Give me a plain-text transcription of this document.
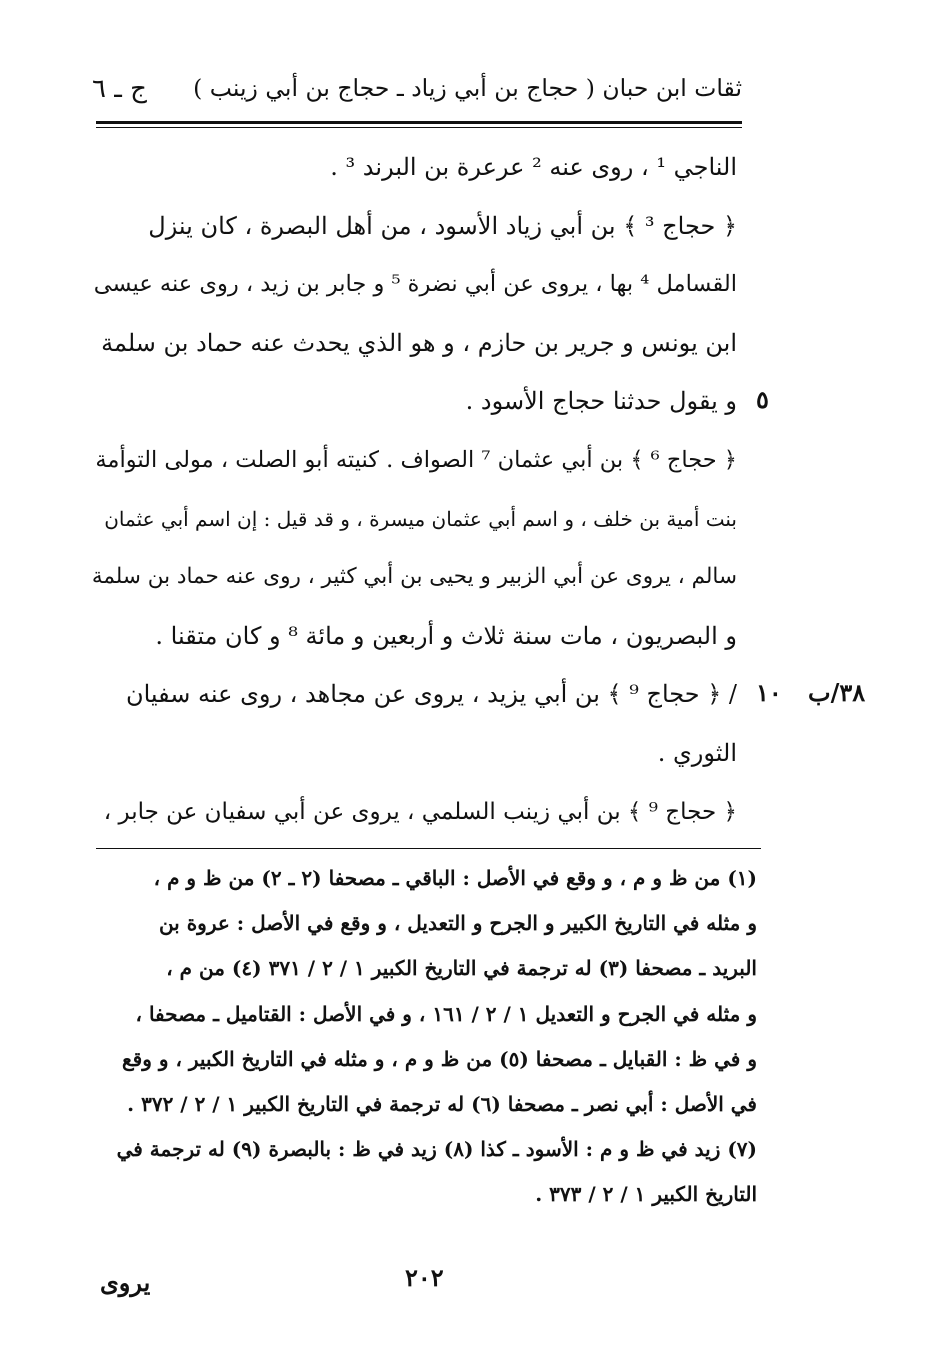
ثقات ابن حبان ( حجاج بن أبي زياد ـ حجاج بن أبي زينب )
ج ـ ٦
الناجي ¹ ، روى عنه ² عرعرة بن البرند ³ .
﴿ حجاج ³ ﴾ بن أبي زياد الأسود ، من أهل البصرة ، كان ينزل
القسامل ⁴ بها ، يروى عن أبي نضرة ⁵ و جابر بن زيد ، روى عنه عيسى
ابن يونس و جرير بن حازم ، و هو الذي يحدث عنه حماد بن سلمة
و يقول حدثنا حجاج الأسود .
﴿ حجاج ⁶ ﴾ بن أبي عثمان ⁷ الصواف . كنيته أبو الصلت ، مولى التوأمة
بنت أمية بن خلف ، و اسم أبي عثمان ميسرة ، و قد قيل : إن اسم أبي عثمان
سالم ، يروى عن أبي الزبير و يحيى بن أبي كثير ، روى عنه حماد بن سلمة
و البصريون ، مات سنة ثلاث و أربعين و مائة ⁸ و كان متقنا .
/ ﴿ حجاج ⁹ ﴾ بن أبي يزيد ، يروى عن مجاهد ، روى عنه سفيان
الثوري .
﴿ حجاج ⁹ ﴾ بن أبي زينب السلمي ، يروى عن أبي سفيان عن جابر ،
٥
١٠ ٣٨/ب
(١) من ظ و م ، و وقع في الأصل : الباقي ـ مصحفا (٢ ـ ٢) من ظ و م ،
و مثله في التاريخ الكبير و الجرح و التعديل ، و وقع في الأصل : عروة بن
البريد ـ مصحفا (٣) له ترجمة في التاريخ الكبير ١ / ٢ / ٣٧١ (٤) من م ،
و مثله في الجرح و التعديل ١ / ٢ / ١٦١ ، و في الأصل : القتاميل ـ مصحفا ،
و في ظ : القبايل ـ مصحفا (٥) من ظ و م ، و مثله في التاريخ الكبير ، و وقع
في الأصل : أبي نصر ـ مصحفا (٦) له ترجمة في التاريخ الكبير ١ / ٢ / ٣٧٢ .
(٧) زيد في ظ و م : الأسود ـ كذا (٨) زيد في ظ : بالبصرة (٩) له ترجمة في
التاريخ الكبير ١ / ٢ / ٣٧٣ .
٢٠٢
يروى
